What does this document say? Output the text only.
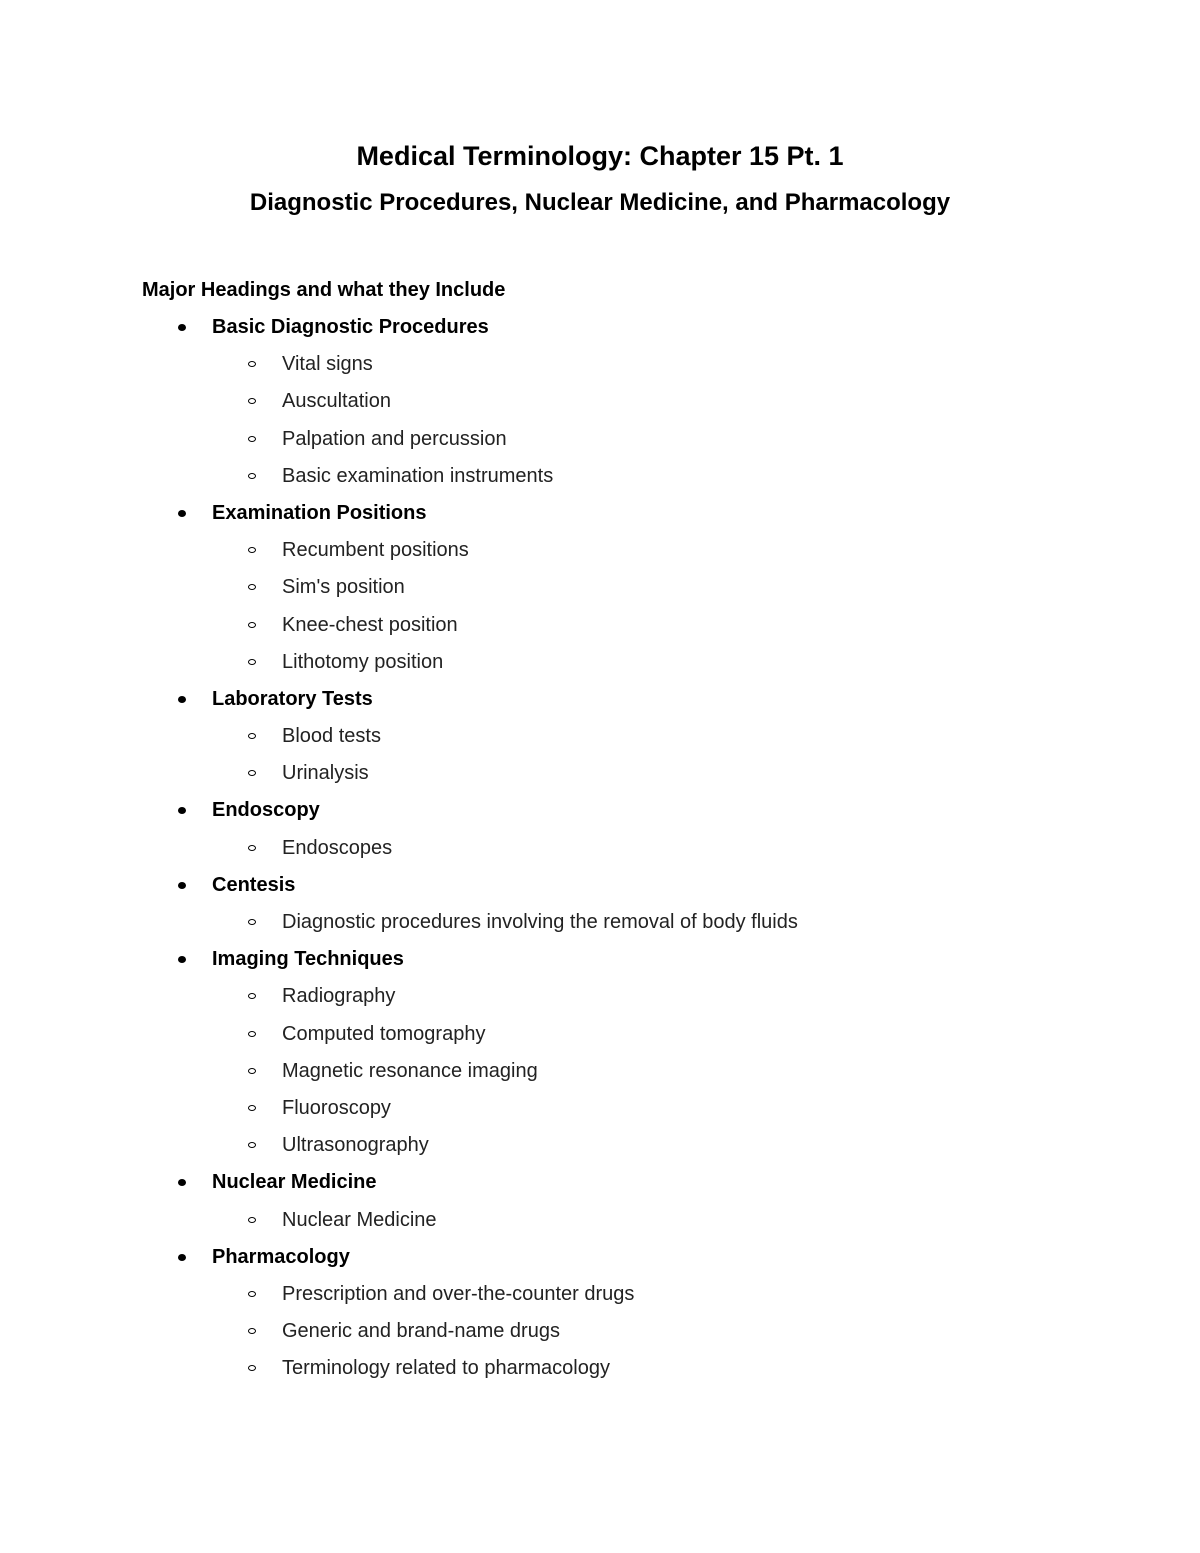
Medical Terminology: Chapter 15 Pt. 1
Diagnostic Procedures, Nuclear Medicine, and Pharmacology
Major Headings and what they Include
Basic Diagnostic Procedures
Vital signs
Auscultation
Palpation and percussion
Basic examination instruments
Examination Positions
Recumbent positions
Sim's position
Knee-chest position
Lithotomy position
Laboratory Tests
Blood tests
Urinalysis
Endoscopy
Endoscopes
Centesis
Diagnostic procedures involving the removal of body fluids
Imaging Techniques
Radiography
Computed tomography
Magnetic resonance imaging
Fluoroscopy
Ultrasonography
Nuclear Medicine
Nuclear Medicine
Pharmacology
Prescription and over-the-counter drugs
Generic and brand-name drugs
Terminology related to pharmacology
